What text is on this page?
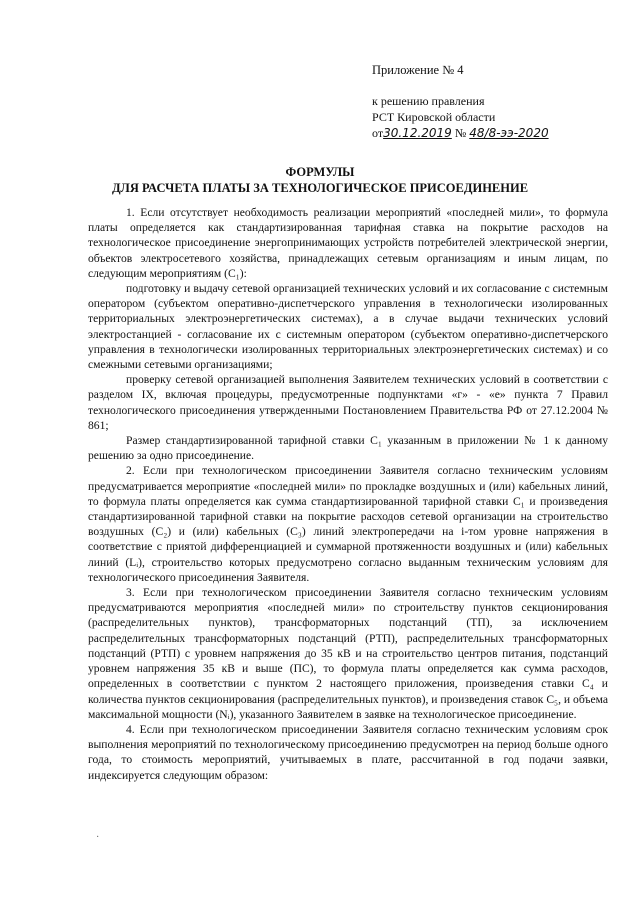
Приложение № 4
к решению правления
РСТ Кировской области
от30.12.2019 № 48/8-ээ-2020
ФОРМУЛЫ
ДЛЯ РАСЧЕТА ПЛАТЫ ЗА ТЕХНОЛОГИЧЕСКОЕ ПРИСОЕДИНЕНИЕ

1. Если отсутствует необходимость реализации мероприятий «последней мили», то формула платы определяется как стандартизированная тарифная ставка на покрытие расходов на технологическое присоединение энергопринимающих устройств потребителей электрической энергии, объектов электросетевого хозяйства, принадлежащих сетевым организациям и иным лицам, по следующим мероприятиям (С₁):

подготовку и выдачу сетевой организацией технических условий и их согласование с системным оператором (субъектом оперативно-диспетчерского управления в технологически изолированных территориальных электроэнергетических системах), а в случае выдачи технических условий электростанцией - согласование их с системным оператором (субъектом оперативно-диспетчерского управления в технологически изолированных территориальных электроэнергетических системах) и со смежными сетевыми организациями;

проверку сетевой организацией выполнения Заявителем технических условий в соответствии с разделом IX, включая процедуры, предусмотренные подпунктами «г» - «е» пункта 7 Правил технологического присоединения утвержденными Постановлением Правительства РФ от 27.12.2004 № 861;

Размер стандартизированной тарифной ставки С₁ указанным в приложении № 1 к данному решению за одно присоединение.

2. Если при технологическом присоединении Заявителя согласно техническим условиям предусматривается мероприятие «последней мили» по прокладке воздушных и (или) кабельных линий, то формула платы определяется как сумма стандартизированной тарифной ставки С₁ и произведения стандартизированной тарифной ставки на покрытие расходов сетевой организации на строительство воздушных (С₂) и (или) кабельных (С₃) линий электропередачи на i-том уровне напряжения в соответствие с приятой дифференциацией и суммарной протяженности воздушных и (или) кабельных линий (Lᵢ), строительство которых предусмотрено согласно выданным техническим условиям для технологического присоединения Заявителя.

3. Если при технологическом присоединении Заявителя согласно техническим условиям предусматриваются мероприятия «последней мили» по строительству пунктов секционирования (распределительных пунктов), трансформаторных подстанций (ТП), за исключением распределительных трансформаторных подстанций (РТП), распределительных трансформаторных подстанций (РТП) с уровнем напряжения до 35 кВ и на строительство центров питания, подстанций уровнем напряжения 35 кВ и выше (ПС), то формула платы определяется как сумма расходов, определенных в соответствии с пунктом 2 настоящего приложения, произведения ставки С₄ и количества пунктов секционирования (распределительных пунктов), и произведения ставок С₅, и объема максимальной мощности (Nᵢ), указанного Заявителем в заявке на технологическое присоединение.

4. Если при технологическом присоединении Заявителя согласно техническим условиям срок выполнения мероприятий по технологическому присоединению предусмотрен на период больше одного года, то стоимость мероприятий, учитываемых в плате, рассчитанной в год подачи заявки, индексируется следующим образом:

·
